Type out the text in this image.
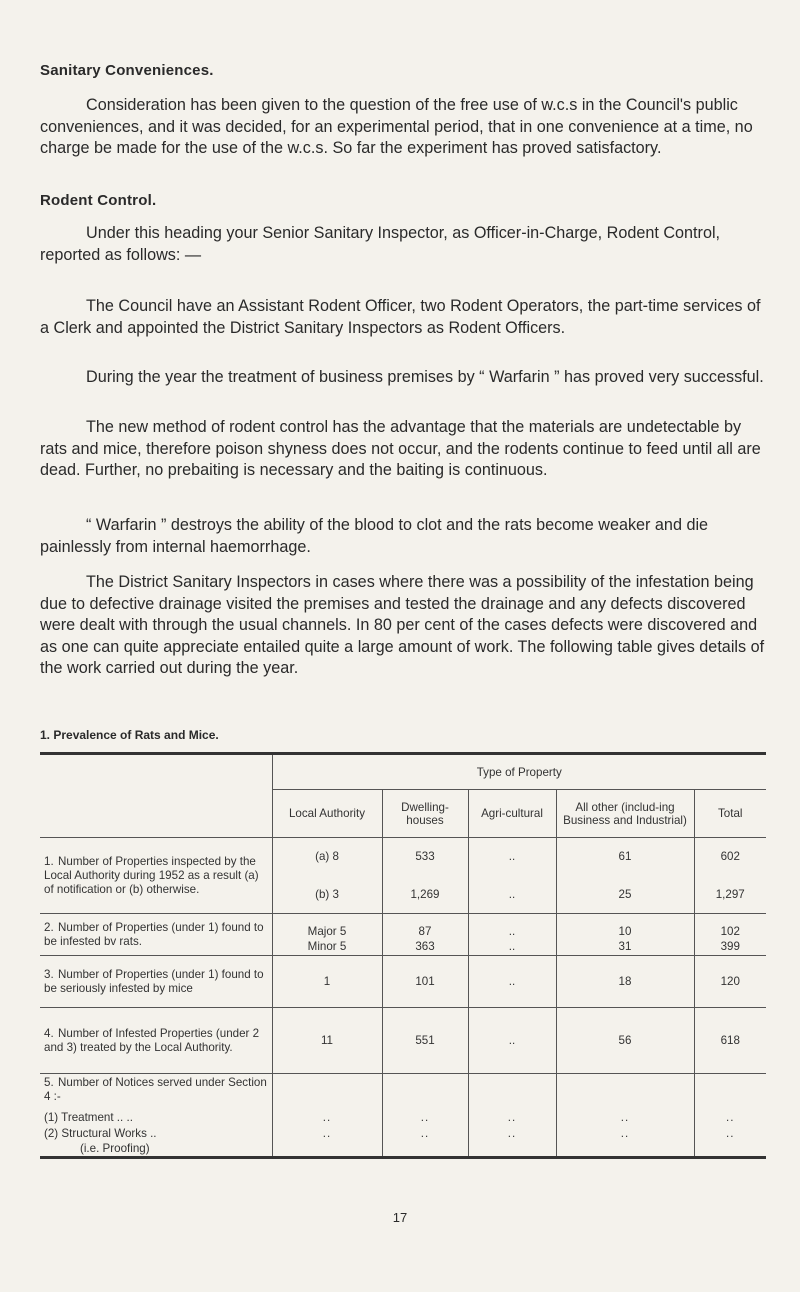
Sanitary Conveniences.

Consideration has been given to the question of the free use of w.c.s in the Council's public conveniences, and it was decided, for an experimental period, that in one convenience at a time, no charge be made for the use of the w.c.s. So far the experiment has proved satisfactory.

Rodent Control.

Under this heading your Senior Sanitary Inspector, as Officer-in-Charge, Rodent Control, reported as follows: —

The Council have an Assistant Rodent Officer, two Rodent Operators, the part-time services of a Clerk and appointed the District Sanitary Inspectors as Rodent Officers.

During the year the treatment of business premises by “ Warfarin ” has proved very successful.

The new method of rodent control has the advantage that the materials are undetectable by rats and mice, therefore poison shyness does not occur, and the rodents continue to feed until all are dead. Further, no prebaiting is necessary and the baiting is continuous.

“ Warfarin ” destroys the ability of the blood to clot and the rats become weaker and die painlessly from internal haemorrhage.

The District Sanitary Inspectors in cases where there was a possibility of the infestation being due to defective drainage visited the premises and tested the drainage and any defects discovered were dealt with through the usual channels. In 80 per cent of the cases defects were discovered and as one can quite appreciate entailed quite a large amount of work. The following table gives details of the work carried out during the year.

1. Prevalence of Rats and Mice.
	Type of Property				
	Local Authority	Dwelling-houses	Agri-cultural	All other (includ-ing Business and Industrial)	Total
1. Number of Properties inspected by the Local Authority during 1952 as a result (a) of notification or (b) otherwise.	(a) 8	533	..	61	602
	(b) 3	1,269	..	25	1,297
2. Number of Properties (under 1) found to be infested bv rats.	Major 5	87	..	10	102
	Minor 5	363	..	31	399
3. Number of Properties (under 1) found to be seriously infested by mice	1	101	..	18	120
4. Number of Infested Properties (under 2 and 3) treated by the Local Authority.	11	551	..	56	618
5. Number of Notices served under Section 4 :-					
(1) Treatment .. ..	..	..	..	..	..
(2) Structural Works ..	..	..	..	..	..
(i.e. Proofing)					
17
